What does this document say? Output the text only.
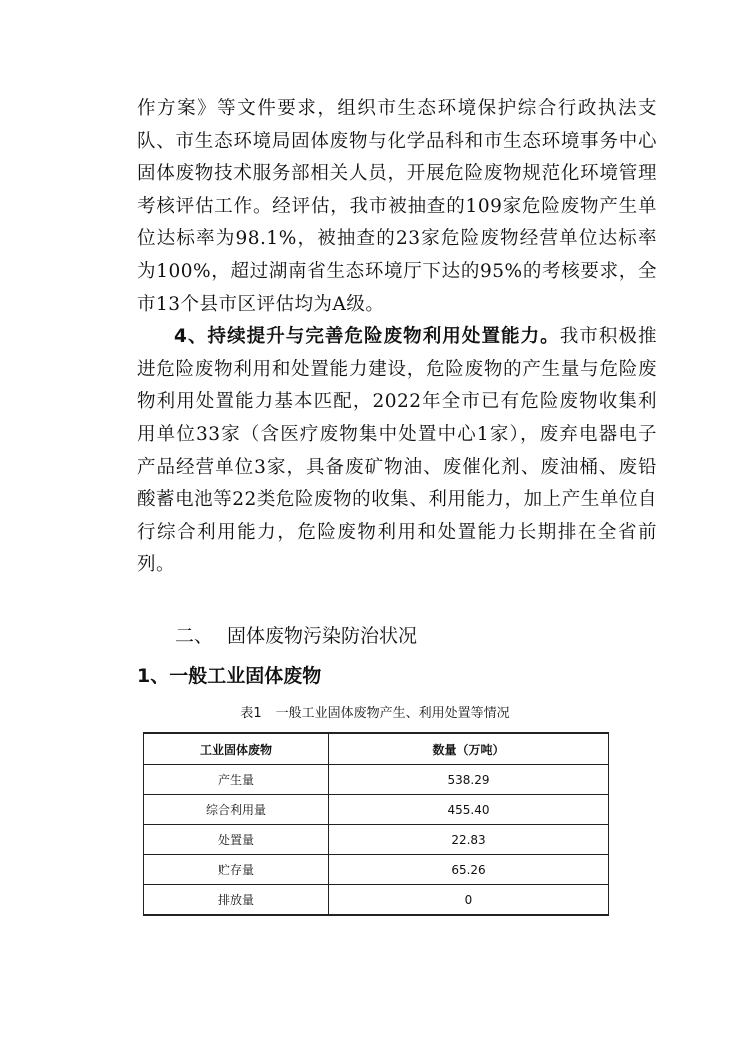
作方案》等文件要求，组织市生态环境保护综合行政执法支队、市生态环境局固体废物与化学品科和市生态环境事务中心固体废物技术服务部相关人员，开展危险废物规范化环境管理考核评估工作。经评估，我市被抽查的109家危险废物产生单位达标率为98.1%，被抽查的23家危险废物经营单位达标率为100%，超过湖南省生态环境厅下达的95%的考核要求，全市13个县市区评估均为A级。

4、持续提升与完善危险废物利用处置能力。我市积极推进危险废物利用和处置能力建设，危险废物的产生量与危险废物利用处置能力基本匹配，2022年全市已有危险废物收集利用单位33家（含医疗废物集中处置中心1家），废弃电器电子产品经营单位3家，具备废矿物油、废催化剂、废油桶、废铅酸蓄电池等22类危险废物的收集、利用能力，加上产生单位自行综合利用能力，危险废物利用和处置能力长期排在全省前列。

二、 固体废物污染防治状况
1、一般工业固体废物
表1 一般工业固体废物产生、利用处置等情况
工业固体废物	数量（万吨）
产生量	538.29
综合利用量	455.40
处置量	22.83
贮存量	65.26
排放量	0
